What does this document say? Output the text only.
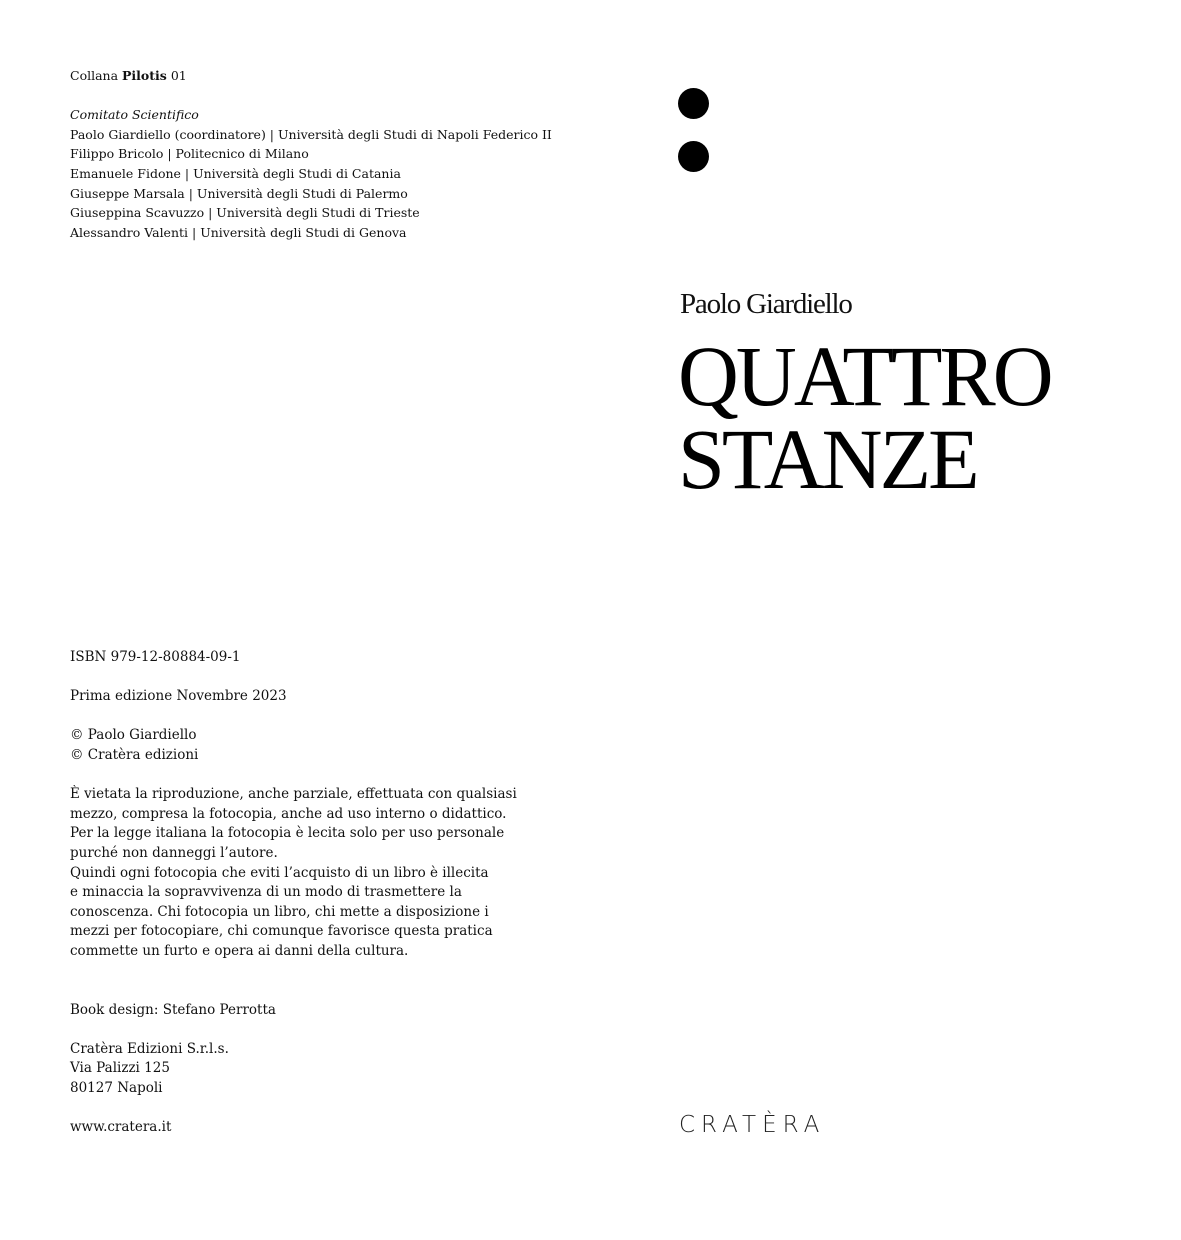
Collana Pilotis 01
Comitato Scientifico
Paolo Giardiello (coordinatore) | Università degli Studi di Napoli Federico II
Filippo Bricolo | Politecnico di Milano
Emanuele Fidone | Università degli Studi di Catania
Giuseppe Marsala | Università degli Studi di Palermo
Giuseppina Scavuzzo | Università degli Studi di Trieste
Alessandro Valenti | Università degli Studi di Genova
ISBN 979-12-80884-09-1
Prima edizione Novembre 2023
© Paolo Giardiello
© Cratèra edizioni
È vietata la riproduzione, anche parziale, effettuata con qualsiasi
mezzo, compresa la fotocopia, anche ad uso interno o didattico.
Per la legge italiana la fotocopia è lecita solo per uso personale
purché non danneggi l’autore.
Quindi ogni fotocopia che eviti l’acquisto di un libro è illecita
e minaccia la sopravvivenza di un modo di trasmettere la
conoscenza. Chi fotocopia un libro, chi mette a disposizione i
mezzi per fotocopiare, chi comunque favorisce questa pratica
commette un furto e opera ai danni della cultura.
Book design: Stefano Perrotta
Cratèra Edizioni S.r.l.s.
Via Palizzi 125
80127 Napoli
www.cratera.it
Paolo Giardiello
QUATTRO
STANZE
CRATÈRA
